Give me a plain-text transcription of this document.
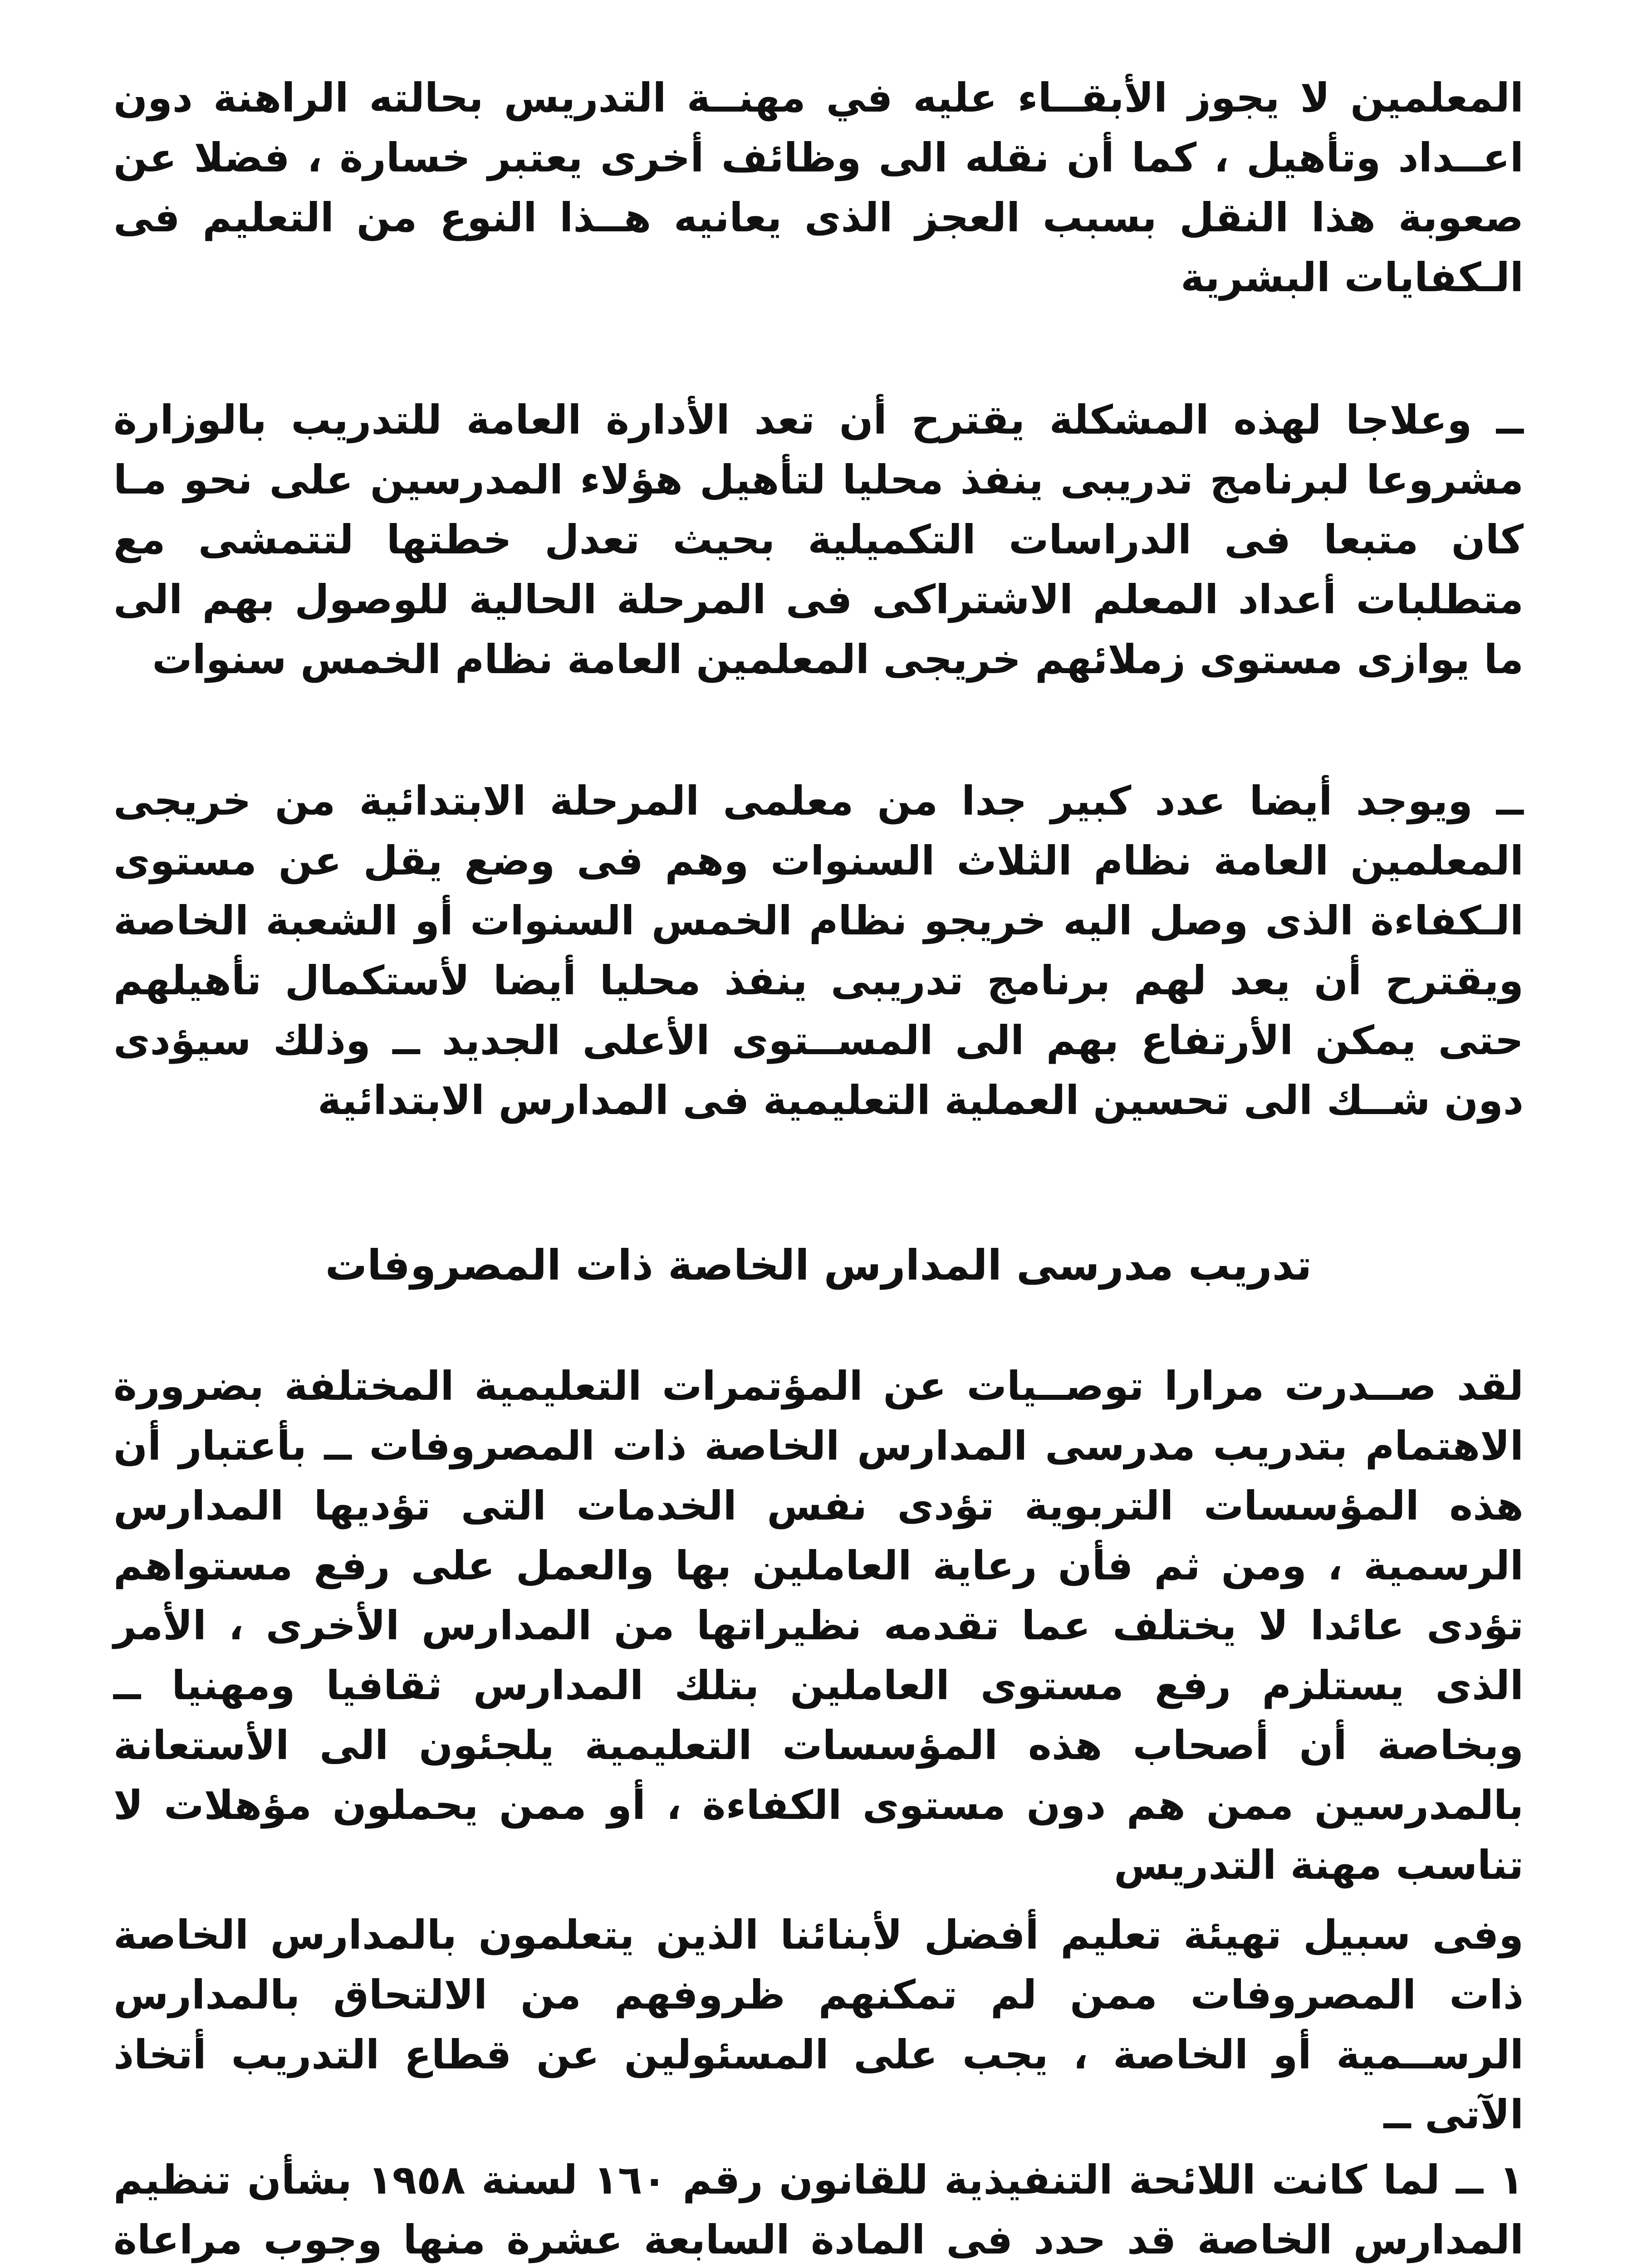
المعلمين لا يجوز الأبقــاء عليه في مهنــة التدريس بحالته الراهنة دون اعــداد وتأهيل ، كما أن نقله الى وظائف أخرى يعتبر خسارة ، فضلا عن صعوبة هذا النقل بسبب العجز الذى يعانيه هــذا النوع من التعليم فى الـكفايات البشرية

ــ وعلاجا لهذه المشكلة يقترح أن تعد الأدارة العامة للتدريب بالوزارة مشروعا لبرنامج تدريبى ينفذ محليا لتأهيل هؤلاء المدرسين على نحو مـا كان متبعا فى الدراسات التكميلية بحيث تعدل خطتها لتتمشى مع متطلبات أعداد المعلم الاشتراكى فى المرحلة الحالية للوصول بهم الى ما يوازى مستوى زملائهم خريجى المعلمين العامة نظام الخمس سنوات

ــ ويوجد أيضا عدد كبير جدا من معلمى المرحلة الابتدائية من خريجى المعلمين العامة نظام الثلاث السنوات وهم فى وضع يقل عن مستوى الـكفاءة الذى وصل اليه خريجو نظام الخمس السنوات أو الشعبة الخاصة ويقترح أن يعد لهم برنامج تدريبى ينفذ محليا أيضا لأستكمال تأهيلهم حتى يمكن الأرتفاع بهم الى المســتوى الأعلى الجديد ــ وذلك سيؤدى دون شــك الى تحسين العملية التعليمية فى المدارس الابتدائية

تدريب مدرسى المدارس الخاصة ذات المصروفات

لقد صــدرت مرارا توصــيات عن المؤتمرات التعليمية المختلفة بضرورة الاهتمام بتدريب مدرسى المدارس الخاصة ذات المصروفات ــ بأعتبار أن هذه المؤسسات التربوية تؤدى نفس الخدمات التى تؤديها المدارس الرسمية ، ومن ثم فأن رعاية العاملين بها والعمل على رفع مستواهم تؤدى عائدا لا يختلف عما تقدمه نظيراتها من المدارس الأخرى ، الأمر الذى يستلزم رفع مستوى العاملين بتلك المدارس ثقافيا ومهنيا ــ وبخاصة أن أصحاب هذه المؤسسات التعليمية يلجئون الى الأستعانة بالمدرسين ممن هم دون مستوى الكفاءة ، أو ممن يحملون مؤهلات لا تناسب مهنة التدريس

وفى سبيل تهيئة تعليم أفضل لأبنائنا الذين يتعلمون بالمدارس الخاصة ذات المصروفات ممن لم تمكنهم ظروفهم من الالتحاق بالمدارس الرســمية أو الخاصة ، يجب على المسئولين عن قطاع التدريب أتخاذ الآتى ــ

١ ــ لما كانت اللائحة التنفيذية للقانون رقم ١٦٠ لسنة ١٩٥٨ بشأن تنظيم المدارس الخاصة قد حدد فى المادة السابعة عشرة منها وجوب مراعاة
